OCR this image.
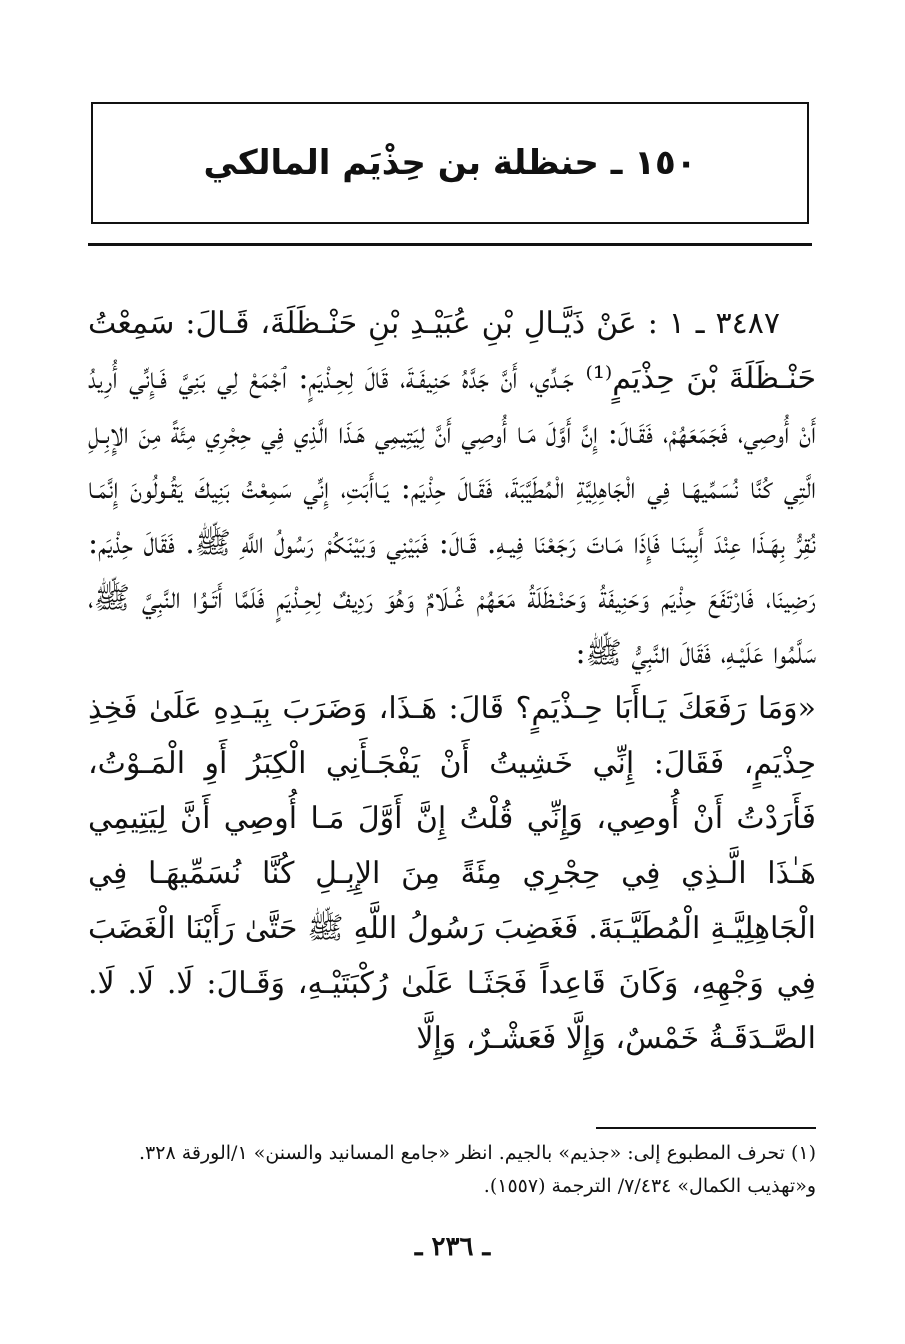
١٥٠ ـ حنظلة بن حِذْيَم المالكي

٣٤٨٧ ـ ١ : عَنْ ذَيَّـالِ بْنِ عُبَيْـدِ بْنِ حَنْـظَلَةَ، قَـالَ: سَمِعْتُ حَنْـظَلَةَ بْنَ حِذْيَمٍ⁽¹⁾ جَـدِّي، أَنَّ جَدَّهُ حَنِيفَـةَ، قَالَ لِحِـذْيَمٍ: ٱجْمَعْ لِي بَنِيَّ فَـإِنِّي أُرِيدُ أَنْ أُوصِي، فَجَمَعَهُمْ، فَقَـالَ: إِنَّ أَوَّلَ مَـا أُوصِي أَنَّ لِيَتِيمِي هَـذَا الَّذِي فِي حِجْرِي مِئَةً مِنَ الإِبِـلِ الَّتِي كُنَّا نُسَمِّيهَـا فِي الْجَاهِلِيَّةِ الْمُطَيَّبَةَ، فَقَـالَ حِذْيَم: يَـاأَبَتِ، إِنِّي سَمِعْتُ بَنِيكَ يَقُـولُونَ إِنَّمَـا نُقِرُّ بِهَـذَا عِنْدَ أَبِينَـا فَإِذَا مَـاتَ رَجَعْنَا فِيـهِ. قَـالَ: فَبَيْنِي وَبَيْنَكُمْ رَسُولُ اللَّهِ ﷺ. فَقَالَ حِذْيَم: رَضِينَا، فَارْتَفَعَ حِذْيَم وَحَنِيفَةُ وَحَنْـظَلَةُ مَعَهُمْ غُـلَامٌ وَهُوَ رَدِيفٌ لِحِـذْيَمٍ فَلَمَّا أَتَـوُا النَّبِيَّ ﷺ، سَلَّمُوا عَلَيْـهِ، فَقَالَ النَّبِيُّ ﷺ:

«وَمَا رَفَعَكَ يَـاأَبَا حِـذْيَمٍ؟ قَالَ: هَـذَا، وَضَرَبَ بِيَـدِهِ عَلَىٰ فَخِذِ حِذْيَمٍ، فَقَالَ: إِنِّي خَشِيتُ أَنْ يَفْجَـأَنِي الْكِبَرُ أَوِ الْمَـوْتُ، فَأَرَدْتُ أَنْ أُوصِي، وَإِنِّي قُلْتُ إِنَّ أَوَّلَ مَـا أُوصِي أَنَّ لِيَتِيمِي هَـٰذَا الَّـذِي فِي حِجْرِي مِئَةً مِنَ الإِبِـلِ كُنَّا نُسَمِّيهَـا فِي الْجَاهِلِيَّـةِ الْمُطَيَّـبَةَ. فَغَضِبَ رَسُولُ اللَّهِ ﷺ حَتَّىٰ رَأَيْنَا الْغَضَبَ فِي وَجْهِهِ، وَكَانَ قَاعِداً فَجَثَـا عَلَىٰ رُكْبَتَيْـهِ، وَقَـالَ: لَا. لَا. لَا. الصَّـدَقَـةُ خَمْسٌ، وَإِلَّا فَعَشْـرٌ، وَإِلَّا

(١) تحرف المطبوع إلى: «جذيم» بالجيم. انظر «جامع المسانيد والسنن» ١/الورقة ٣٢٨.
و«تهذيب الكمال» ٧/٤٣٤/ الترجمة (١٥٥٧).
ـ ٢٣٦ ـ
